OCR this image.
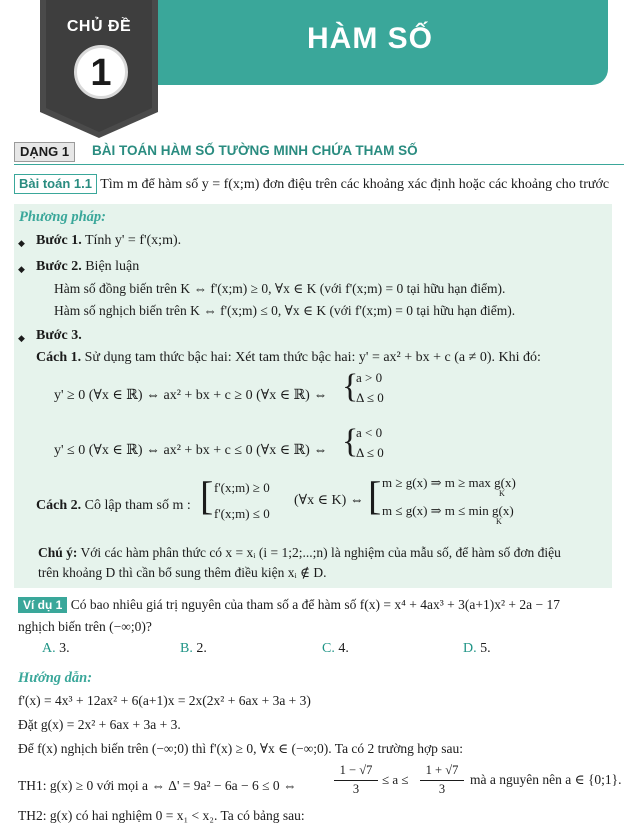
HÀM SỐ
CHỦ ĐỀ
1
DẠNG 1	BÀI TOÁN HÀM SỐ TƯỜNG MINH CHỨA THAM SỐ
Bài toán 1.1 Tìm m để hàm số y = f(x;m) đơn điệu trên các khoảng xác định hoặc các khoảng cho trước
Phương pháp:
◆ Bước 1. Tính y' = f'(x;m).
◆ Bước 2. Biện luận
Hàm số đồng biến trên K ⇔ f'(x;m) ≥ 0, ∀x ∈ K (với f'(x;m) = 0 tại hữu hạn điểm).
Hàm số nghịch biến trên K ⇔ f'(x;m) ≤ 0, ∀x ∈ K (với f'(x;m) = 0 tại hữu hạn điểm).
◆ Bước 3.
Cách 1. Sử dụng tam thức bậc hai: Xét tam thức bậc hai: y' = ax² + bx + c (a ≠ 0). Khi đó:
y' ≥ 0 (∀x ∈ ℝ) ⇔ ax² + bx + c ≥ 0 (∀x ∈ ℝ) ⇔ {
a > 0
Δ ≤ 0
y' ≤ 0 (∀x ∈ ℝ) ⇔ ax² + bx + c ≤ 0 (∀x ∈ ℝ) ⇔ {
a < 0
Δ ≤ 0
Cách 2. Cô lập tham số m : [ f'(x;m) ≥ 0
f'(x;m) ≤ 0
(∀x ∈ K) ⇔ [ m ≥ g(x) ⇒ m ≥ max g(x)
K
m ≤ g(x) ⇒ m ≤ min g(x)
K
Chú ý: Với các hàm phân thức có x = xᵢ (i = 1;2;...;n) là nghiệm của mẫu số, để hàm số đơn điệu
trên khoảng D thì cần bổ sung thêm điều kiện xᵢ ∉ D.
Ví dụ 1 Có bao nhiêu giá trị nguyên của tham số a để hàm số f(x) = x⁴ + 4ax³ + 3(a+1)x² + 2a − 17
nghịch biến trên (−∞;0)?
A. 3.	B. 2.	C. 4.	D. 5.
Hướng dẫn:
f'(x) = 4x³ + 12ax² + 6(a+1)x = 2x(2x² + 6ax + 3a + 3)
Đặt g(x) = 2x² + 6ax + 3a + 3.
Để f(x) nghịch biến trên (−∞;0) thì f'(x) ≥ 0, ∀x ∈ (−∞;0). Ta có 2 trường hợp sau:
TH1: g(x) ≥ 0 với mọi a ⇔ Δ' = 9a² − 6a − 6 ≤ 0 ⇔
1 − √7
3
≤ a ≤
1 + √7
3
mà a nguyên nên a ∈ {0;1}.
TH2: g(x) có hai nghiệm 0 = x₁ < x₂. Ta có bảng sau:
